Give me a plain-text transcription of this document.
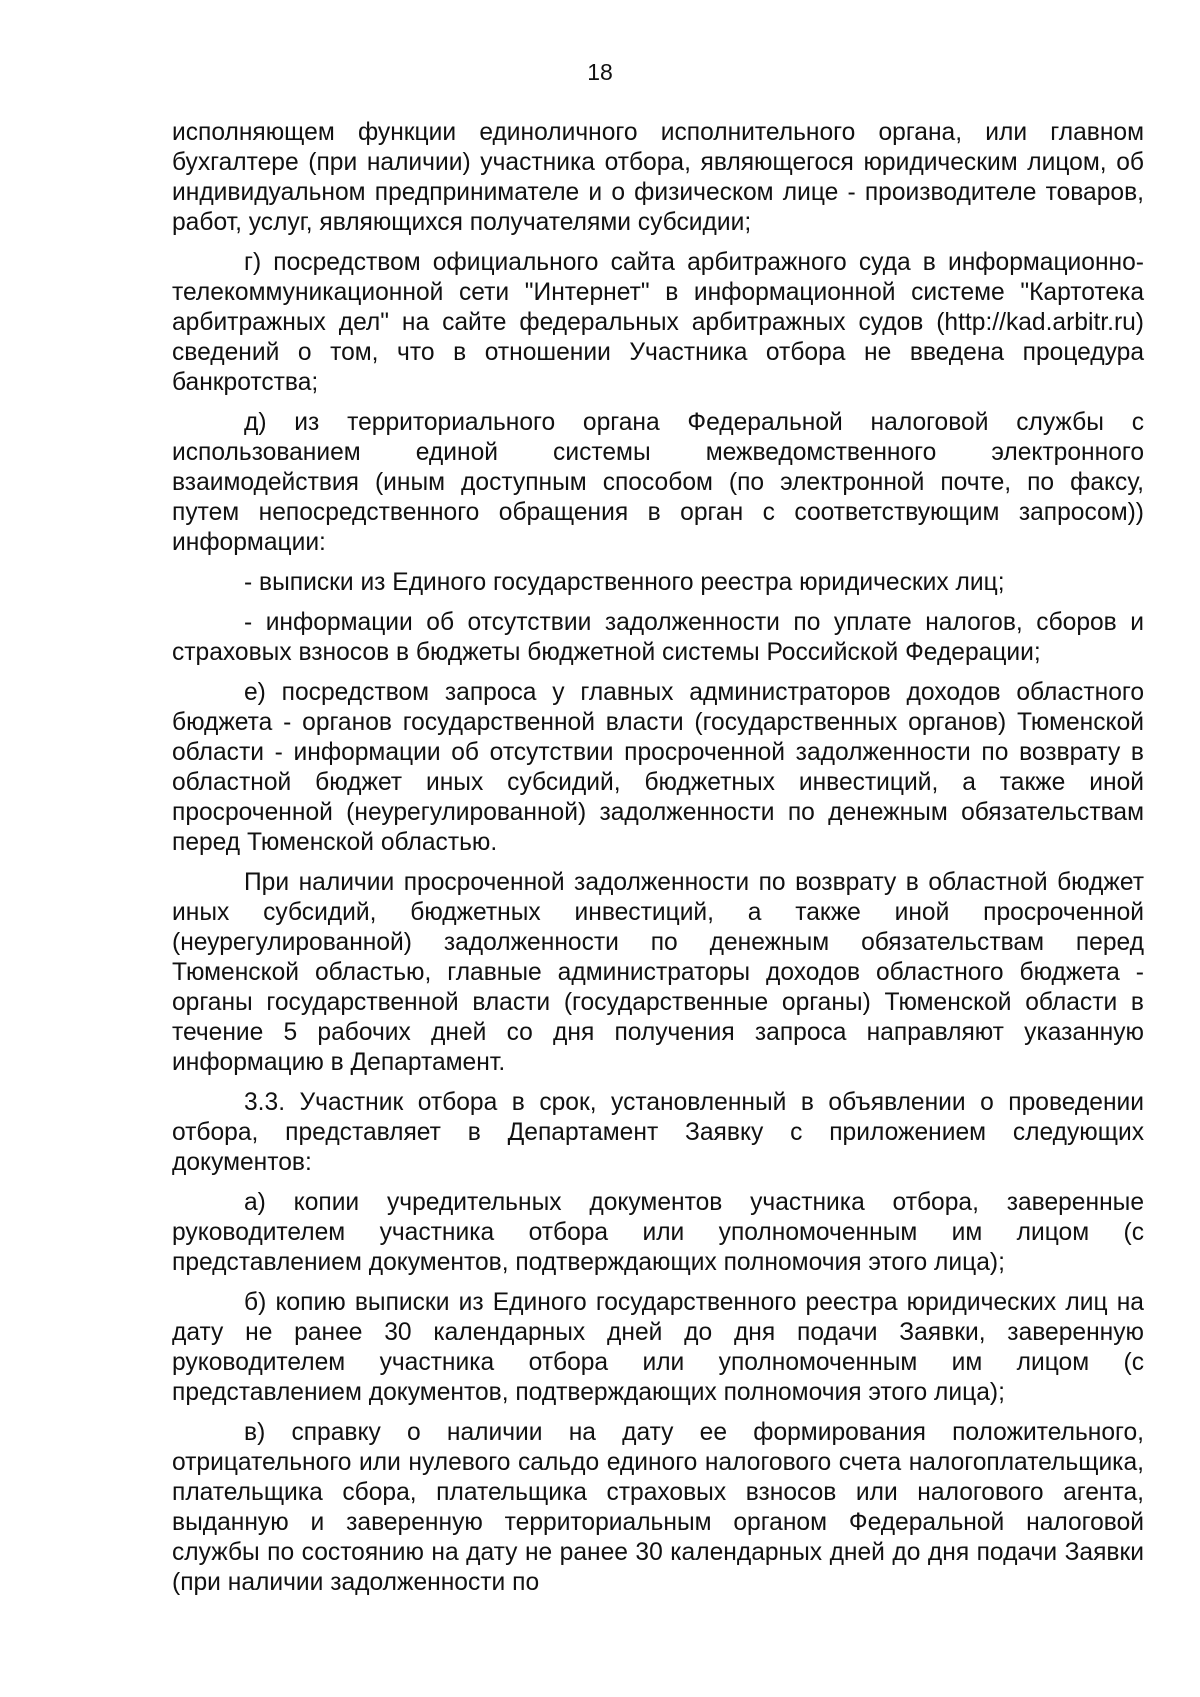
18

исполняющем функции единоличного исполнительного органа, или главном бухгалтере (при наличии) участника отбора, являющегося юридическим лицом, об индивидуальном предпринимателе и о физическом лице - производителе товаров, работ, услуг, являющихся получателями субсидии;

г) посредством официального сайта арбитражного суда в информационно-телекоммуникационной сети "Интернет" в информационной системе "Картотека арбитражных дел" на сайте федеральных арбитражных судов (http://kad.arbitr.ru) сведений о том, что в отношении Участника отбора не введена процедура банкротства;

д) из территориального органа Федеральной налоговой службы с использованием единой системы межведомственного электронного взаимодействия (иным доступным способом (по электронной почте, по факсу, путем непосредственного обращения в орган с соответствующим запросом)) информации:

- выписки из Единого государственного реестра юридических лиц;

- информации об отсутствии задолженности по уплате налогов, сборов и страховых взносов в бюджеты бюджетной системы Российской Федерации;

е) посредством запроса у главных администраторов доходов областного бюджета - органов государственной власти (государственных органов) Тюменской области - информации об отсутствии просроченной задолженности по возврату в областной бюджет иных субсидий, бюджетных инвестиций, а также иной просроченной (неурегулированной) задолженности по денежным обязательствам перед Тюменской областью.

При наличии просроченной задолженности по возврату в областной бюджет иных субсидий, бюджетных инвестиций, а также иной просроченной (неурегулированной) задолженности по денежным обязательствам перед Тюменской областью, главные администраторы доходов областного бюджета - органы государственной власти (государственные органы) Тюменской области в течение 5 рабочих дней со дня получения запроса направляют указанную информацию в Департамент.

3.3. Участник отбора в срок, установленный в объявлении о проведении отбора, представляет в Департамент Заявку с приложением следующих документов:

а) копии учредительных документов участника отбора, заверенные руководителем участника отбора или уполномоченным им лицом (с представлением документов, подтверждающих полномочия этого лица);

б) копию выписки из Единого государственного реестра юридических лиц на дату не ранее 30 календарных дней до дня подачи Заявки, заверенную руководителем участника отбора или уполномоченным им лицом (с представлением документов, подтверждающих полномочия этого лица);

в) справку о наличии на дату ее формирования положительного, отрицательного или нулевого сальдо единого налогового счета налогоплательщика, плательщика сбора, плательщика страховых взносов или налогового агента, выданную и заверенную территориальным органом Федеральной налоговой службы по состоянию на дату не ранее 30 календарных дней до дня подачи Заявки (при наличии задолженности по
